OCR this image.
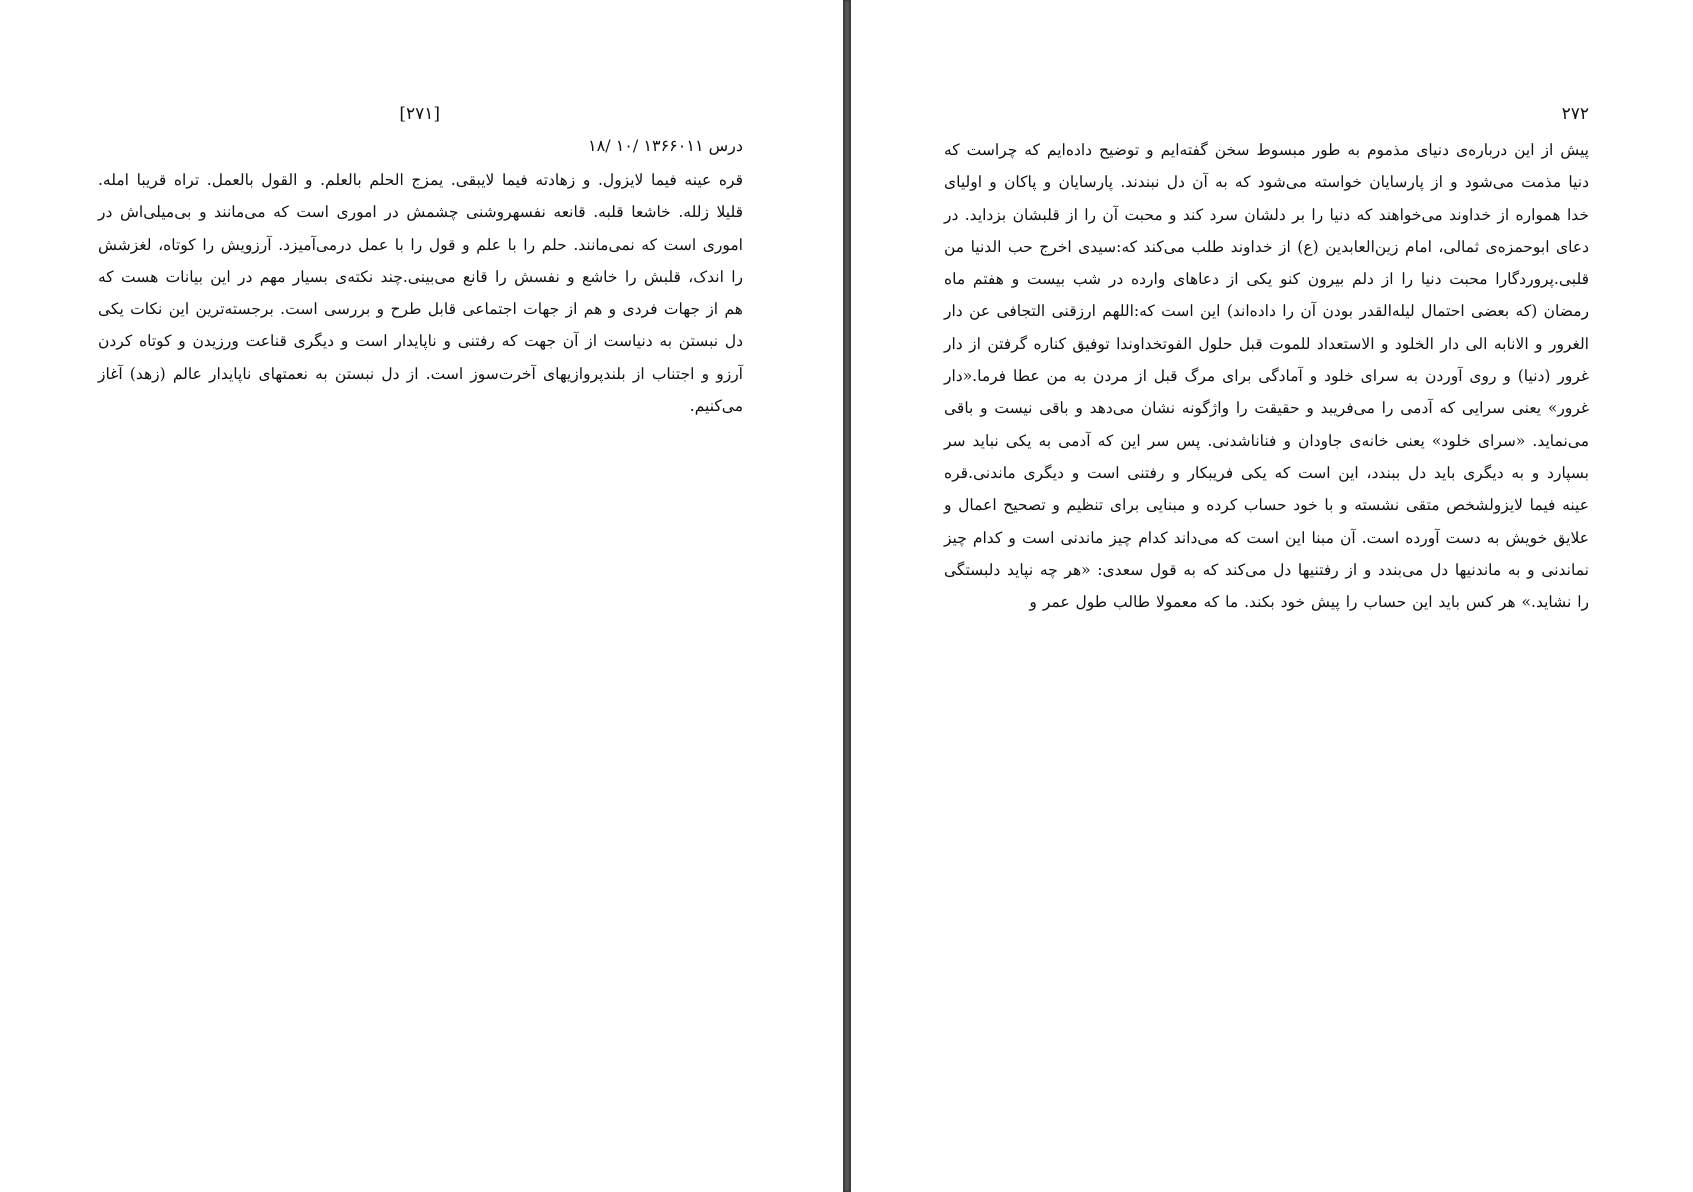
[۲۷۱]
درس ۱۳۶۶۰۱۱ /۱۰ /۱۸
قره عینه فیما لایزول. و زهادته فیما لایبقی. یمزج الحلم بالعلم. و القول بالعمل. تراه قریبا امله. قلیلا زلله. خاشعا قلبه. قانعه نفسهروشنی چشمش در اموری است که می‌مانند و بی‌میلی‌اش در اموری است که نمی‌مانند. حلم را با علم و قول را با عمل درمی‌آمیزد. آرزویش را کوتاه، لغزشش را اندک، قلبش را خاشع و نفسش را قانع می‌بینی.چند نکته‌ی بسیار مهم در این بیانات هست که هم از جهات فردی و هم از جهات اجتماعی قابل طرح و بررسی است. برجسته‌ترین این نکات یکی دل نبستن به دنیاست از آن جهت که رفتنی و ناپایدار است و دیگری قناعت ورزیدن و کوتاه کردن آرزو و اجتناب از بلندپروازیهای آخرت‌سوز است. از دل نبستن به نعمتهای ناپایدار عالم (زهد) آغاز می‌کنیم.
۲۷۲
پیش از این درباره‌ی دنیای مذموم به طور مبسوط سخن گفته‌ایم و توضیح داده‌ایم که چراست که دنیا مذمت می‌شود و از پارسایان خواسته می‌شود که به آن دل نبندند. پارسایان و پاکان و اولیای خدا همواره از خداوند می‌خواهند که دنیا را بر دلشان سرد کند و محبت آن را از قلبشان بزداید. در دعای ابوحمزه‌ی ثمالی، امام زین‌العابدین (ع) از خداوند طلب می‌کند که:سیدی اخرج حب الدنیا من قلبی.پروردگارا محبت دنیا را از دلم بیرون کنو یکی از دعاهای وارده در شب بیست و هفتم ماه رمضان (که بعضی احتمال لیله‌القدر بودن آن را داده‌اند) این است که:اللهم ارزقنی التجافی عن دار الغرور و الانابه الی دار الخلود و الاستعداد للموت قبل حلول الفوتخداوندا توفیق کناره گرفتن از دار غرور (دنیا) و روی آوردن به سرای خلود و آمادگی برای مرگ قبل از مردن به من عطا فرما.«دار غرور» یعنی سرایی که آدمی را می‌فریبد و حقیقت را واژگونه نشان می‌دهد و باقی نیست و باقی می‌نماید. «سرای خلود» یعنی خانه‌ی جاودان و فناناشدنی. پس سر این که آدمی به یکی نباید سر بسپارد و به دیگری باید دل ببندد، این است که یکی فریبکار و رفتنی است و دیگری ماندنی.قره عینه فیما لایزولشخص متقی نشسته و با خود حساب کرده و مبنایی برای تنظیم و تصحیح اعمال و علایق خویش به دست آورده است. آن مبنا این است که می‌داند کدام چیز ماندنی است و کدام چیز نماندنی و به ماندنیها دل می‌بندد و از رفتنیها دل می‌کند که به قول سعدی: «هر چه نپاید دلبستگی را نشاید.» هر کس باید این حساب را پیش خود بکند. ما که معمولا طالب طول عمر و
